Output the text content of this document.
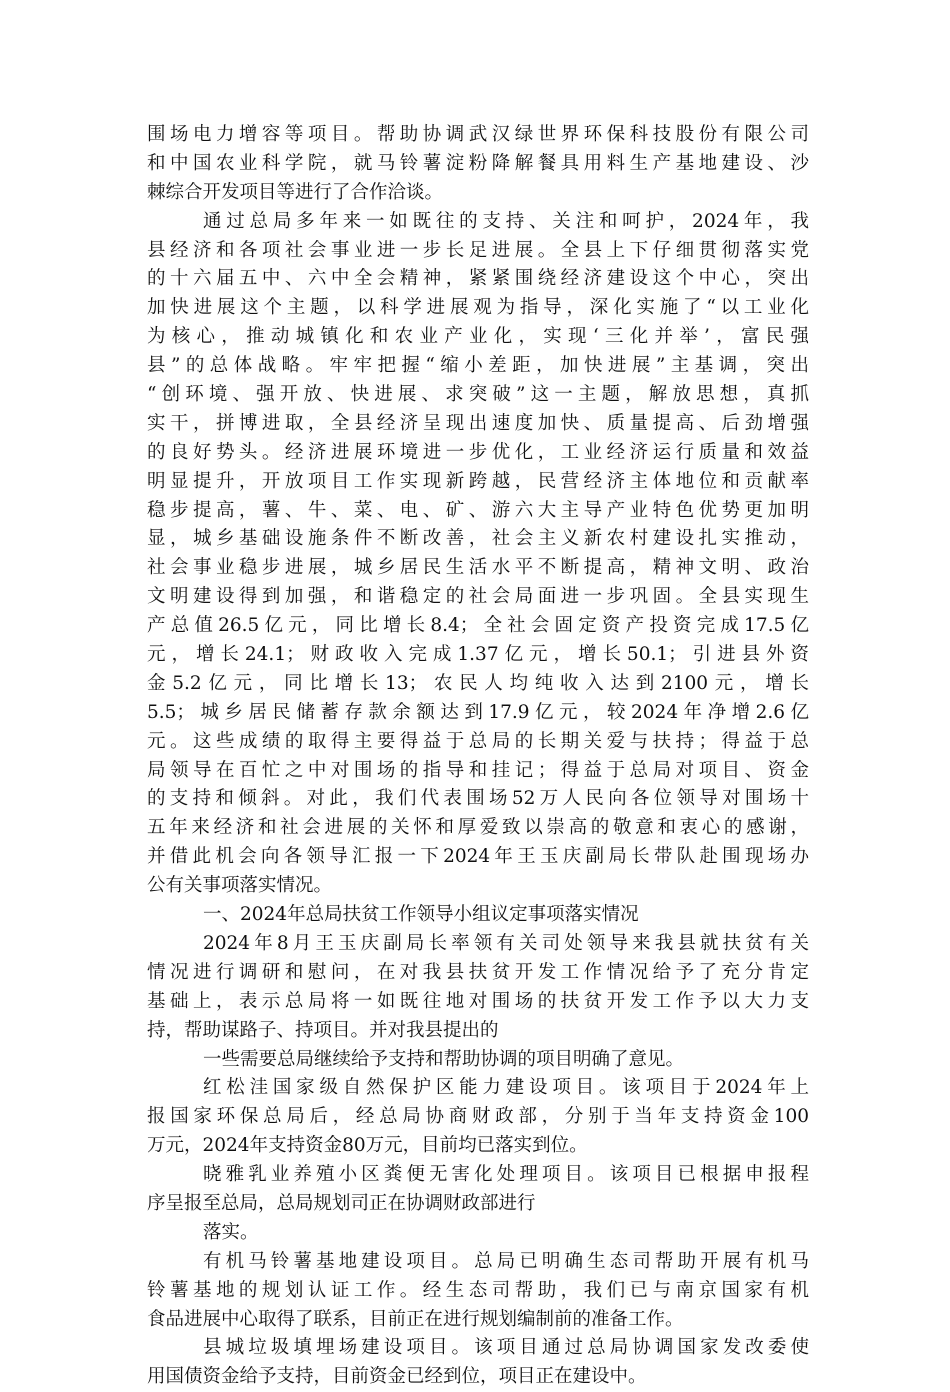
围场电力增容等项目。帮助协调武汉绿世界环保科技股份有限公司
和中国农业科学院，就马铃薯淀粉降解餐具用料生产基地建设、沙
棘综合开发项目等进行了合作洽谈。
通过总局多年来一如既往的支持、关注和呵护，2024年，我
县经济和各项社会事业进一步长足进展。全县上下仔细贯彻落实党
的十六届五中、六中全会精神，紧紧围绕经济建设这个中心，突出
加快进展这个主题，以科学进展观为指导，深化实施了“以工业化
为核心，推动城镇化和农业产业化，实现‘三化并举’，富民强
县”的总体战略。牢牢把握“缩小差距，加快进展”主基调，突出
“创环境、强开放、快进展、求突破”这一主题，解放思想，真抓
实干，拼博进取，全县经济呈现出速度加快、质量提高、后劲增强
的良好势头。经济进展环境进一步优化，工业经济运行质量和效益
明显提升，开放项目工作实现新跨越，民营经济主体地位和贡献率
稳步提高，薯、牛、菜、电、矿、游六大主导产业特色优势更加明
显，城乡基础设施条件不断改善，社会主义新农村建设扎实推动，
社会事业稳步进展，城乡居民生活水平不断提高，精神文明、政治
文明建设得到加强，和谐稳定的社会局面进一步巩固。全县实现生
产总值26.5亿元，同比增长8.4；全社会固定资产投资完成17.5亿
元，增长24.1；财政收入完成1.37亿元，增长50.1；引进县外资
金5.2亿元，同比增长13；农民人均纯收入达到2100元，增长
5.5；城乡居民储蓄存款余额达到17.9亿元，较2024年净增2.6亿
元。这些成绩的取得主要得益于总局的长期关爱与扶持；得益于总
局领导在百忙之中对围场的指导和挂记；得益于总局对项目、资金
的支持和倾斜。对此，我们代表围场52万人民向各位领导对围场十
五年来经济和社会进展的关怀和厚爱致以崇高的敬意和衷心的感谢，
并借此机会向各领导汇报一下2024年王玉庆副局长带队赴围现场办
公有关事项落实情况。
一、2024年总局扶贫工作领导小组议定事项落实情况
2024年8月王玉庆副局长率领有关司处领导来我县就扶贫有关
情况进行调研和慰问，在对我县扶贫开发工作情况给予了充分肯定
基础上，表示总局将一如既往地对围场的扶贫开发工作予以大力支
持，帮助谋路子、持项目。并对我县提出的
一些需要总局继续给予支持和帮助协调的项目明确了意见。
红松洼国家级自然保护区能力建设项目。该项目于2024年上
报国家环保总局后，经总局协商财政部，分别于当年支持资金100
万元，2024年支持资金80万元，目前均已落实到位。
晓雅乳业养殖小区粪便无害化处理项目。该项目已根据申报程
序呈报至总局，总局规划司正在协调财政部进行
落实。
有机马铃薯基地建设项目。总局已明确生态司帮助开展有机马
铃薯基地的规划认证工作。经生态司帮助，我们已与南京国家有机
食品进展中心取得了联系，目前正在进行规划编制前的准备工作。
县城垃圾填埋场建设项目。该项目通过总局协调国家发改委使
用国债资金给予支持，目前资金已经到位，项目正在建设中。
